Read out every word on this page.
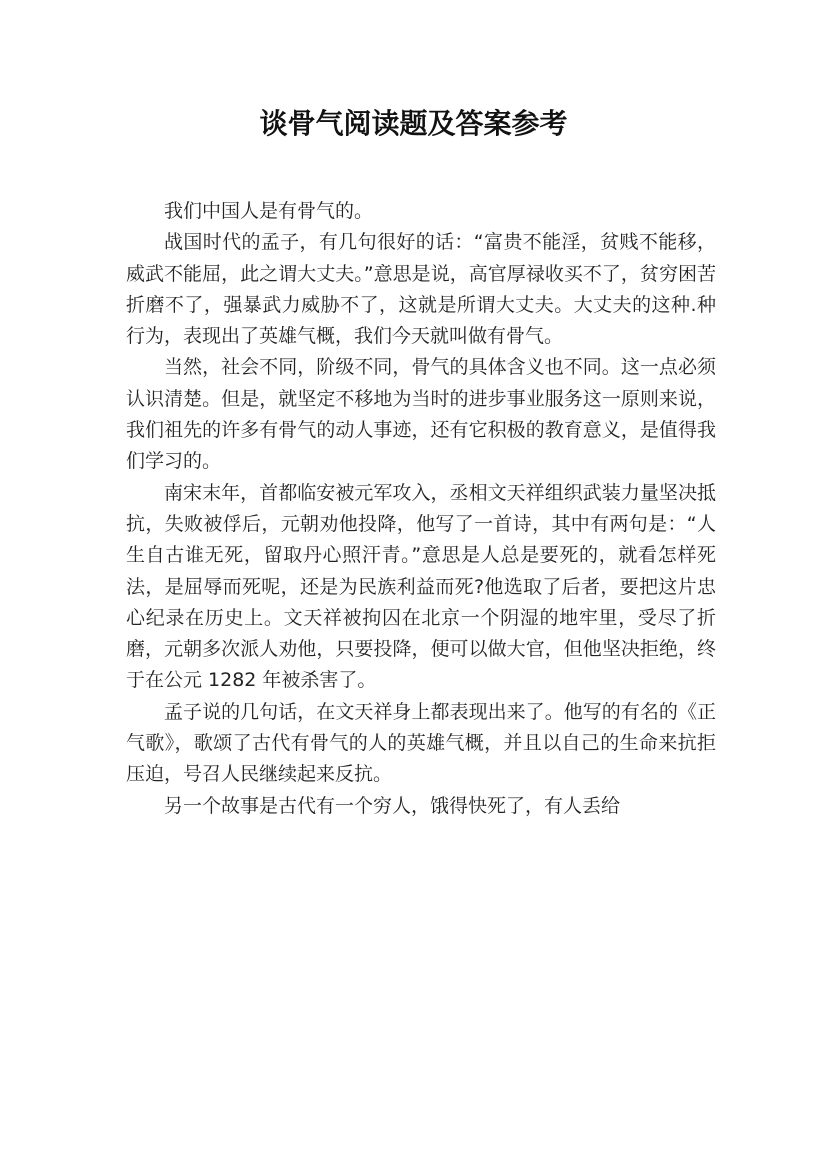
谈骨气阅读题及答案参考

我们中国人是有骨气的。

战国时代的孟子，有几句很好的话：“富贵不能淫，贫贱不能移，威武不能屈，此之谓大丈夫。”意思是说，高官厚禄收买不了，贫穷困苦折磨不了，强暴武力威胁不了，这就是所谓大丈夫。大丈夫的这种.种行为，表现出了英雄气概，我们今天就叫做有骨气。

当然，社会不同，阶级不同，骨气的具体含义也不同。这一点必须认识清楚。但是，就坚定不移地为当时的进步事业服务这一原则来说，我们祖先的许多有骨气的动人事迹，还有它积极的教育意义，是值得我们学习的。

南宋末年，首都临安被元军攻入，丞相文天祥组织武装力量坚决抵抗，失败被俘后，元朝劝他投降，他写了一首诗，其中有两句是：“人生自古谁无死，留取丹心照汗青。”意思是人总是要死的，就看怎样死法，是屈辱而死呢，还是为民族利益而死?他选取了后者，要把这片忠心纪录在历史上。文天祥被拘囚在北京一个阴湿的地牢里，受尽了折磨，元朝多次派人劝他，只要投降，便可以做大官，但他坚决拒绝，终于在公元 1282 年被杀害了。

孟子说的几句话，在文天祥身上都表现出来了。他写的有名的《正气歌》，歌颂了古代有骨气的人的英雄气概，并且以自己的生命来抗拒压迫，号召人民继续起来反抗。

另一个故事是古代有一个穷人，饿得快死了，有人丢给
